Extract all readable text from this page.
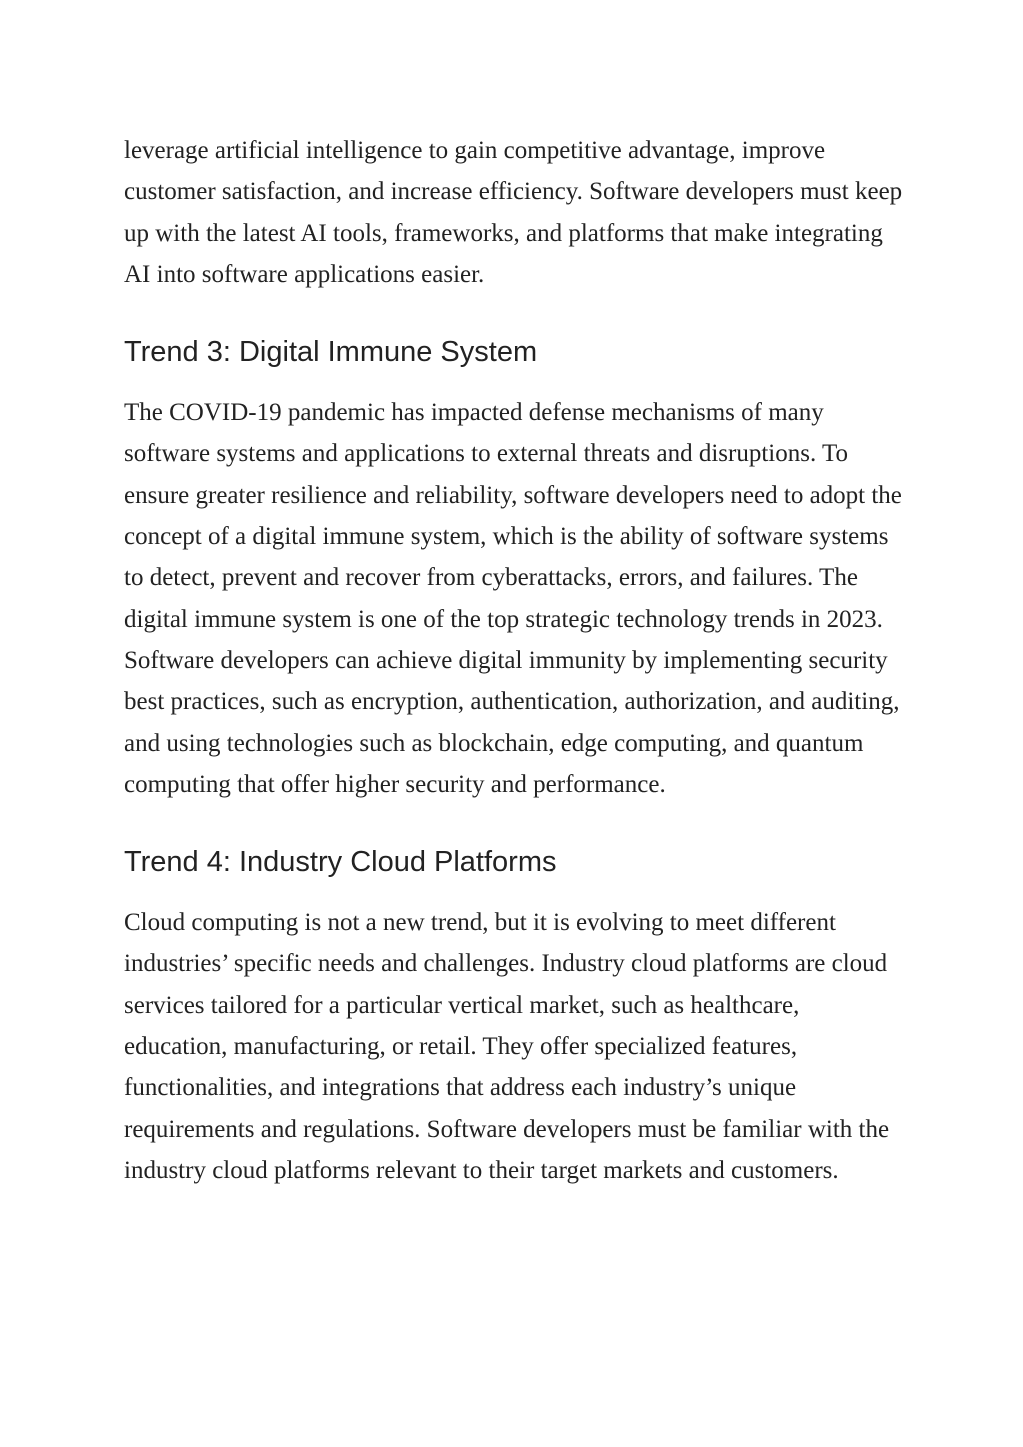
leverage artificial intelligence to gain competitive advantage, improve customer satisfaction, and increase efficiency. Software developers must keep up with the latest AI tools, frameworks, and platforms that make integrating AI into software applications easier.

Trend 3: Digital Immune System

The COVID-19 pandemic has impacted defense mechanisms of many software systems and applications to external threats and disruptions. To ensure greater resilience and reliability, software developers need to adopt the concept of a digital immune system, which is the ability of software systems to detect, prevent and recover from cyberattacks, errors, and failures. The digital immune system is one of the top strategic technology trends in 2023. Software developers can achieve digital immunity by implementing security best practices, such as encryption, authentication, authorization, and auditing, and using technologies such as blockchain, edge computing, and quantum computing that offer higher security and performance.

Trend 4: Industry Cloud Platforms

Cloud computing is not a new trend, but it is evolving to meet different industries’ specific needs and challenges. Industry cloud platforms are cloud services tailored for a particular vertical market, such as healthcare, education, manufacturing, or retail. They offer specialized features, functionalities, and integrations that address each industry’s unique requirements and regulations. Software developers must be familiar with the industry cloud platforms relevant to their target markets and customers.
